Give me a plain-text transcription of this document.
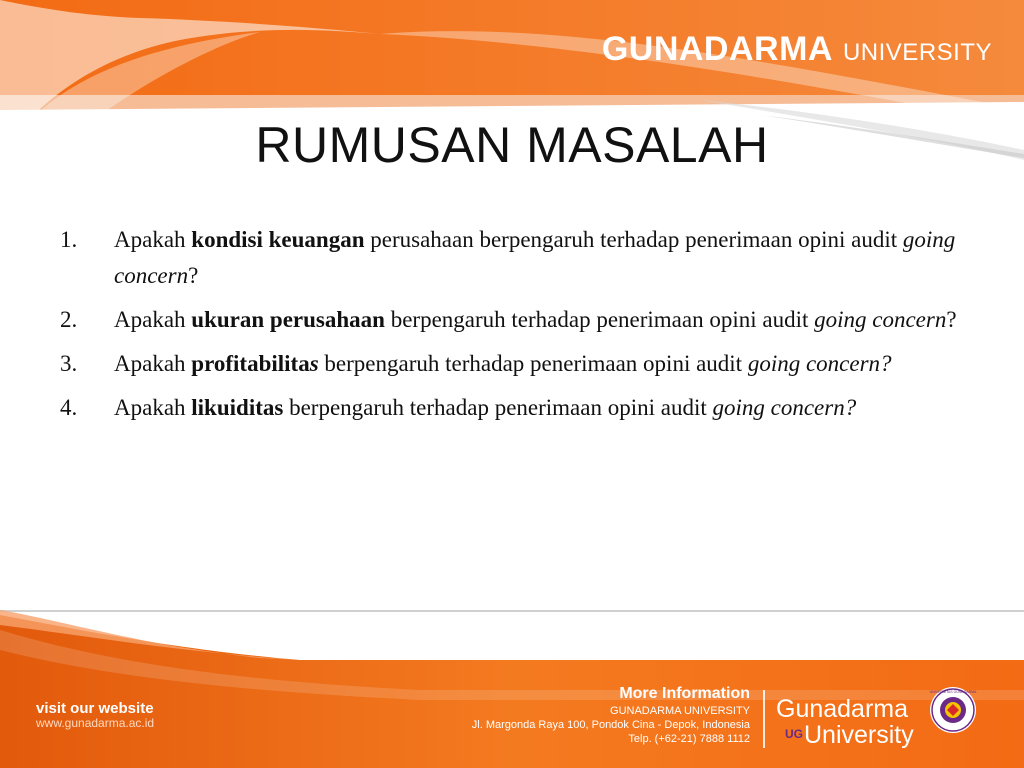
GUNADARMA UNIVERSITY
RUMUSAN MASALAH
1.	Apakah kondisi keuangan perusahaan berpengaruh terhadap penerimaan opini audit going concern?
2.	Apakah ukuran perusahaan berpengaruh terhadap penerimaan opini audit going concern?
3.	Apakah profitabilitas berpengaruh terhadap penerimaan opini audit going concern?
4.	Apakah likuiditas berpengaruh terhadap penerimaan opini audit going concern?
visit our website
www.gunadarma.ac.id
More Information
GUNADARMA UNIVERSITY
Jl. Margonda Raya 100, Pondok Cina - Depok, Indonesia
Telp. (+62-21) 7888 1112
Gunadarma
University
UG
UNIVERSITAS GUNADARMA
